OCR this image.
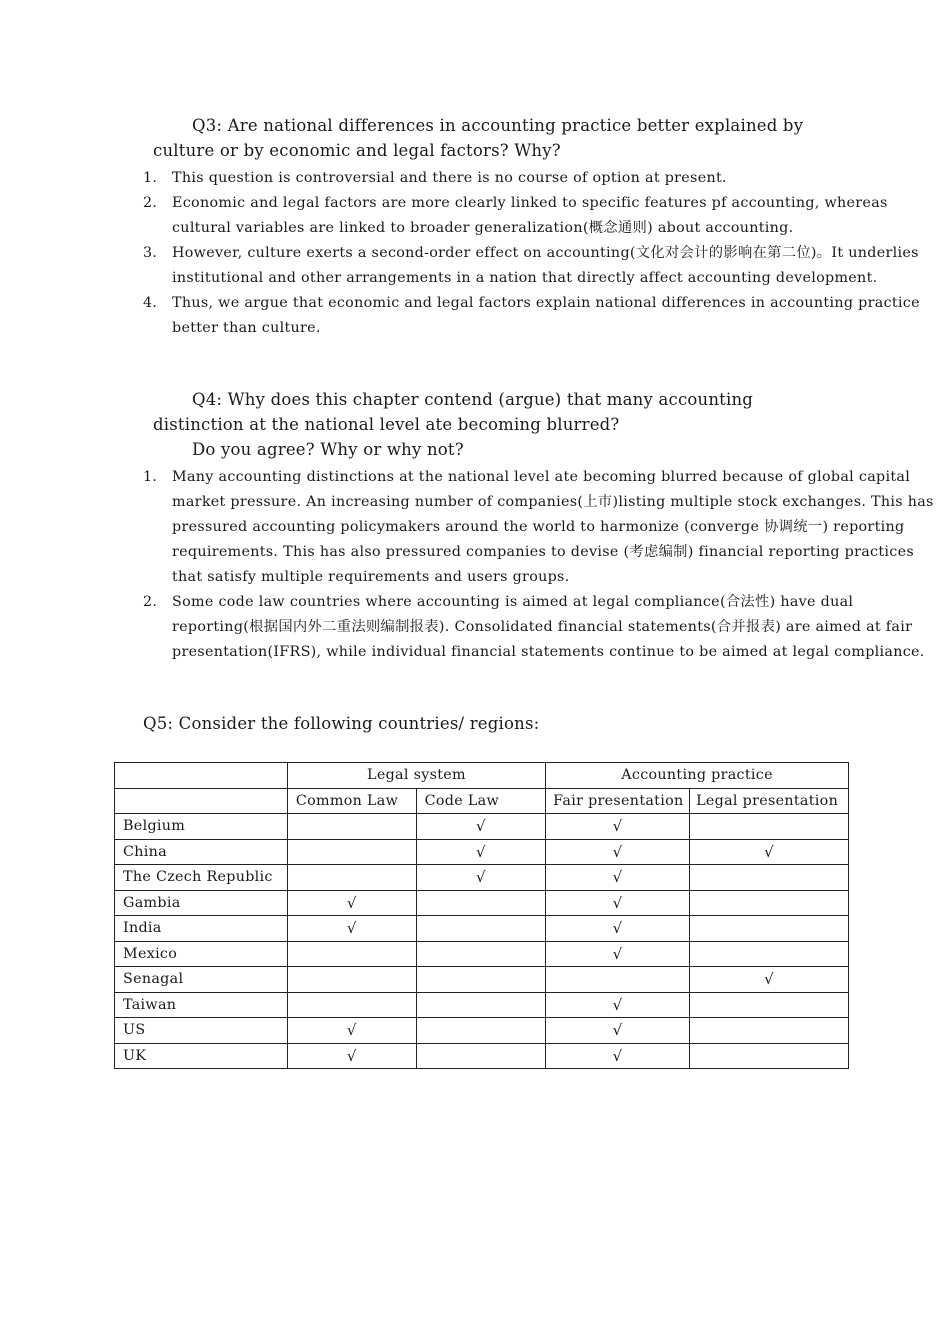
Q3: Are national differences in accounting practice better explained by
culture or by economic and legal factors? Why?
1. This question is controversial and there is no course of option at present.
2. Economic and legal factors are more clearly linked to specific features pf accounting, whereas cultural variables are linked to broader generalization(概念通则) about accounting.
3. However, culture exerts a second-order effect on accounting(文化对会计的影响在第二位)。It underlies institutional and other arrangements in a nation that directly affect accounting development.
4. Thus, we argue that economic and legal factors explain national differences in accounting practice better than culture.
Q4: Why does this chapter contend (argue) that many accounting
distinction at the national level ate becoming blurred?
Do you agree? Why or why not?
1. Many accounting distinctions at the national level ate becoming blurred because of global capital market pressure. An increasing number of companies(上市)listing multiple stock exchanges. This has pressured accounting policymakers around the world to harmonize (converge 协调统一) reporting requirements. This has also pressured companies to devise (考虑编制) financial reporting practices that satisfy multiple requirements and users groups.
2. Some code law countries where accounting is aimed at legal compliance(合法性) have dual reporting(根据国内外二重法则编制报表). Consolidated financial statements(合并报表) are aimed at fair presentation(IFRS), while individual financial statements continue to be aimed at legal compliance.
Q5: Consider the following countries/ regions:
	Legal system		Accounting practice	
	Common Law	Code Law	Fair presentation	Legal presentation
Belgium		√	√	
China		√	√	√
The Czech Republic		√	√	
Gambia	√		√	
India	√		√	
Mexico			√	
Senagal				√
Taiwan			√	
US	√		√	
UK	√		√	
